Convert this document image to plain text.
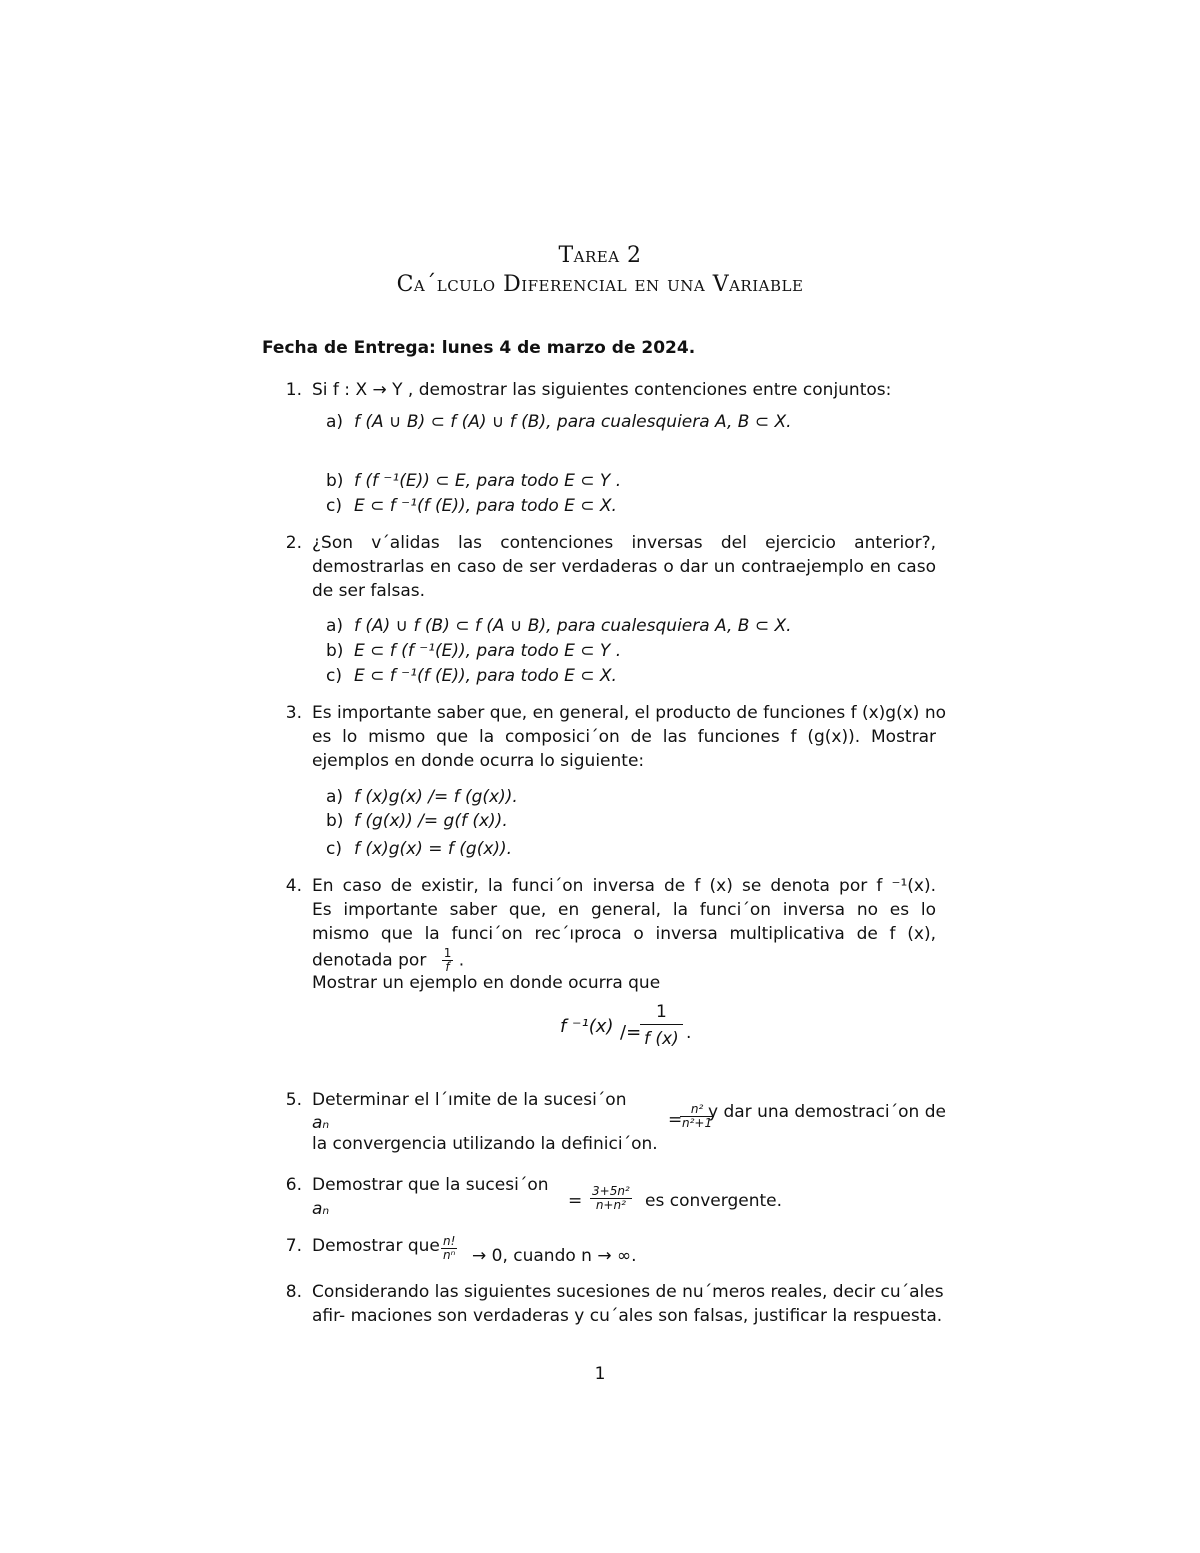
Tarea 2
Ca´lculo Diferencial en una Variable
Fecha de Entrega: lunes 4 de marzo de 2024.
1. Si f : X → Y , demostrar las siguientes contenciones entre conjuntos:
a) f (A ∪ B) ⊂ f (A) ∪ f (B), para cualesquiera A, B ⊂ X.
b) f (f ⁻¹(E)) ⊂ E, para todo E ⊂ Y .
c) E ⊂ f ⁻¹(f (E)), para todo E ⊂ X.
2. ¿Son v´alidas las contenciones inversas del ejercicio anterior?,
demostrarlas en caso de ser verdaderas o dar un contraejemplo en caso
de ser falsas.
a) f (A) ∪ f (B) ⊂ f (A ∪ B), para cualesquiera A, B ⊂ X.
b) E ⊂ f (f ⁻¹(E)), para todo E ⊂ Y .
c) E ⊂ f ⁻¹(f (E)), para todo E ⊂ X.
3. Es importante saber que, en general, el producto de funciones f (x)g(x) no
es lo mismo que la composici´on de las funciones f (g(x)). Mostrar
ejemplos en donde ocurra lo siguiente:
a) f (x)g(x) /= f (g(x)).
b) f (g(x)) /= g(f (x)).
c) f (x)g(x) = f (g(x)).
4. En caso de existir, la funci´on inversa de f (x) se denota por f ⁻¹(x).
Es importante saber que, en general, la funci´on inversa no es lo
mismo que la funci´on rec´ıproca o inversa multiplicativa de f (x),
denotada por $\frac{1}{f}$ .
Mostrar un ejemplo en donde ocurra que
f ⁻¹(x) /=
$\frac{1}{f (x)}$ .
5. Determinar el l´ımite de la sucesi´on
aₙ	=
$\frac{\text{n²}}{\text{n²+1}}$
y dar una demostraci´on de
la convergencia utilizando la definici´on.
6. Demostrar que la sucesi´on
aₙ	= $\frac{\text{3+5n²}}{\text{n+n²}}$ es convergente.
7. Demostrar que $\frac{n!}{\text{nⁿ}} \to 0$, cuando n → ∞.
8. Considerando las siguientes sucesiones de nu´meros reales, decir cu´ales
afir- maciones son verdaderas y cu´ales son falsas, justificar la respuesta.
1
